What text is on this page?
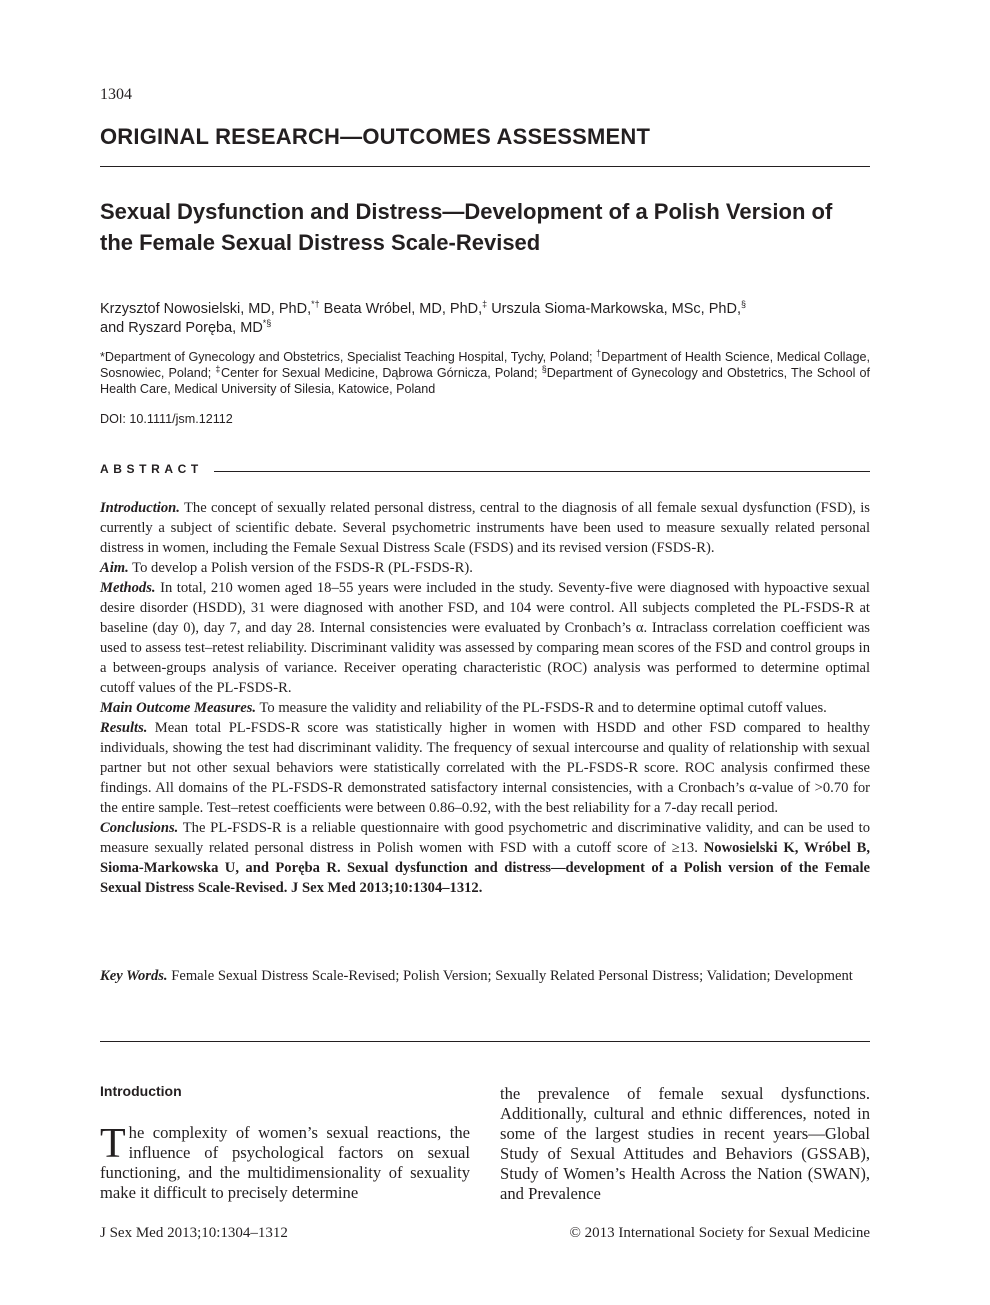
1304
ORIGINAL RESEARCH—OUTCOMES ASSESSMENT
Sexual Dysfunction and Distress—Development of a Polish Version of the Female Sexual Distress Scale-Revised
Krzysztof Nowosielski, MD, PhD,*† Beata Wróbel, MD, PhD,‡ Urszula Sioma-Markowska, MSc, PhD,§
and Ryszard Poręba, MD*§
*Department of Gynecology and Obstetrics, Specialist Teaching Hospital, Tychy, Poland; †Department of Health Science, Medical Collage, Sosnowiec, Poland; ‡Center for Sexual Medicine, Dąbrowa Górnicza, Poland; §Department of Gynecology and Obstetrics, The School of Health Care, Medical University of Silesia, Katowice, Poland
DOI: 10.1111/jsm.12112
ABSTRACT

Introduction. The concept of sexually related personal distress, central to the diagnosis of all female sexual dysfunction (FSD), is currently a subject of scientific debate. Several psychometric instruments have been used to measure sexually related personal distress in women, including the Female Sexual Distress Scale (FSDS) and its revised version (FSDS-R).

Aim. To develop a Polish version of the FSDS-R (PL-FSDS-R).

Methods. In total, 210 women aged 18–55 years were included in the study. Seventy-five were diagnosed with hypoactive sexual desire disorder (HSDD), 31 were diagnosed with another FSD, and 104 were control. All subjects completed the PL-FSDS-R at baseline (day 0), day 7, and day 28. Internal consistencies were evaluated by Cronbach’s α. Intraclass correlation coefficient was used to assess test–retest reliability. Discriminant validity was assessed by comparing mean scores of the FSD and control groups in a between-groups analysis of variance. Receiver operating characteristic (ROC) analysis was performed to determine optimal cutoff values of the PL-FSDS-R.

Main Outcome Measures. To measure the validity and reliability of the PL-FSDS-R and to determine optimal cutoff values.

Results. Mean total PL-FSDS-R score was statistically higher in women with HSDD and other FSD compared to healthy individuals, showing the test had discriminant validity. The frequency of sexual intercourse and quality of relationship with sexual partner but not other sexual behaviors were statistically correlated with the PL-FSDS-R score. ROC analysis confirmed these findings. All domains of the PL-FSDS-R demonstrated satisfactory internal consistencies, with a Cronbach’s α-value of >0.70 for the entire sample. Test–retest coefficients were between 0.86–0.92, with the best reliability for a 7-day recall period.

Conclusions. The PL-FSDS-R is a reliable questionnaire with good psychometric and discriminative validity, and can be used to measure sexually related personal distress in Polish women with FSD with a cutoff score of ≥13. Nowosielski K, Wróbel B, Sioma-Markowska U, and Poręba R. Sexual dysfunction and distress—development of a Polish version of the Female Sexual Distress Scale-Revised. J Sex Med 2013;10:1304–1312.

Key Words. Female Sexual Distress Scale-Revised; Polish Version; Sexually Related Personal Distress; Validation; Development
Introduction
The complexity of women’s sexual reactions, the influence of psychological factors on sexual functioning, and the multidimensionality of sexuality make it difficult to precisely determine
the prevalence of female sexual dysfunctions. Additionally, cultural and ethnic differences, noted in some of the largest studies in recent years—Global Study of Sexual Attitudes and Behaviors (GSSAB), Study of Women’s Health Across the Nation (SWAN), and Prevalence
J Sex Med 2013;10:1304–1312	© 2013 International Society for Sexual Medicine
